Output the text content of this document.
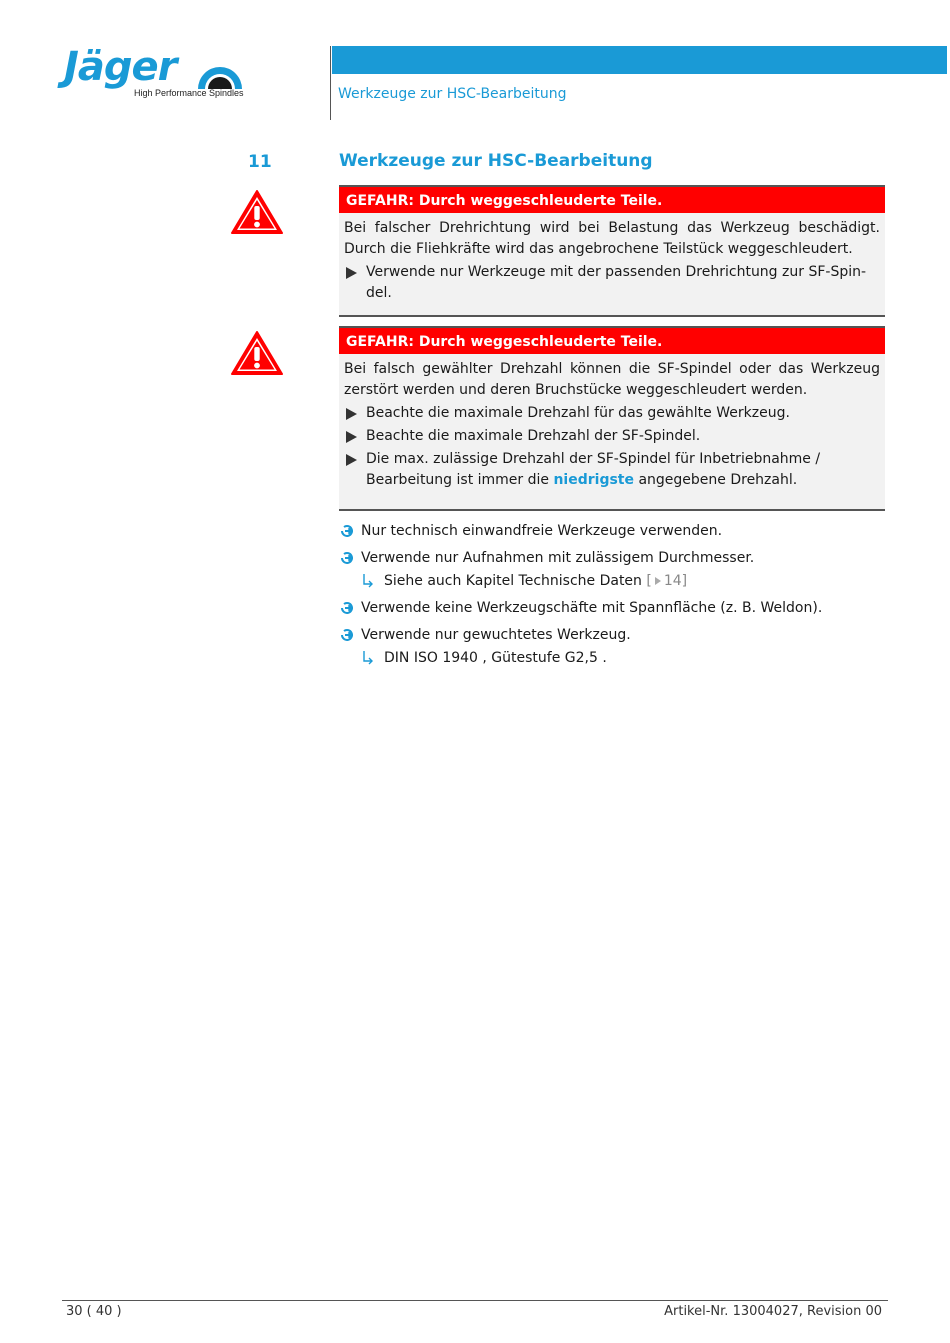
Jäger
High Performance Spindles	Werkzeuge zur HSC-Bearbeitung
11	Werkzeuge zur HSC-Bearbeitung
GEFAHR: Durch weggeschleuderte Teile.
Bei falscher Drehrichtung wird bei Belastung das Werkzeug beschädigt. Durch die Fliehkräfte wird das angebrochene Teilstück weggeschleudert.
Verwende nur Werkzeuge mit der passenden Drehrichtung zur SF-Spindel.
GEFAHR: Durch weggeschleuderte Teile.
Bei falsch gewählter Drehzahl können die SF-Spindel oder das Werkzeug zerstört werden und deren Bruchstücke weggeschleudert werden.
Beachte die maximale Drehzahl für das gewählte Werkzeug.
Beachte die maximale Drehzahl der SF-Spindel.
Die max. zulässige Drehzahl der SF-Spindel für Inbetriebnahme / Bearbeitung ist immer die niedrigste angegebene Drehzahl.
Nur technisch einwandfreie Werkzeuge verwenden.
Verwende nur Aufnahmen mit zulässigem Durchmesser.
Siehe auch Kapitel Technische Daten [ 14]
Verwende keine Werkzeugschäfte mit Spannfläche (z. B. Weldon).
Verwende nur gewuchtetes Werkzeug.
DIN ISO 1940 , Gütestufe G2,5 .
30 ( 40 )	Artikel-Nr. 13004027, Revision 00
